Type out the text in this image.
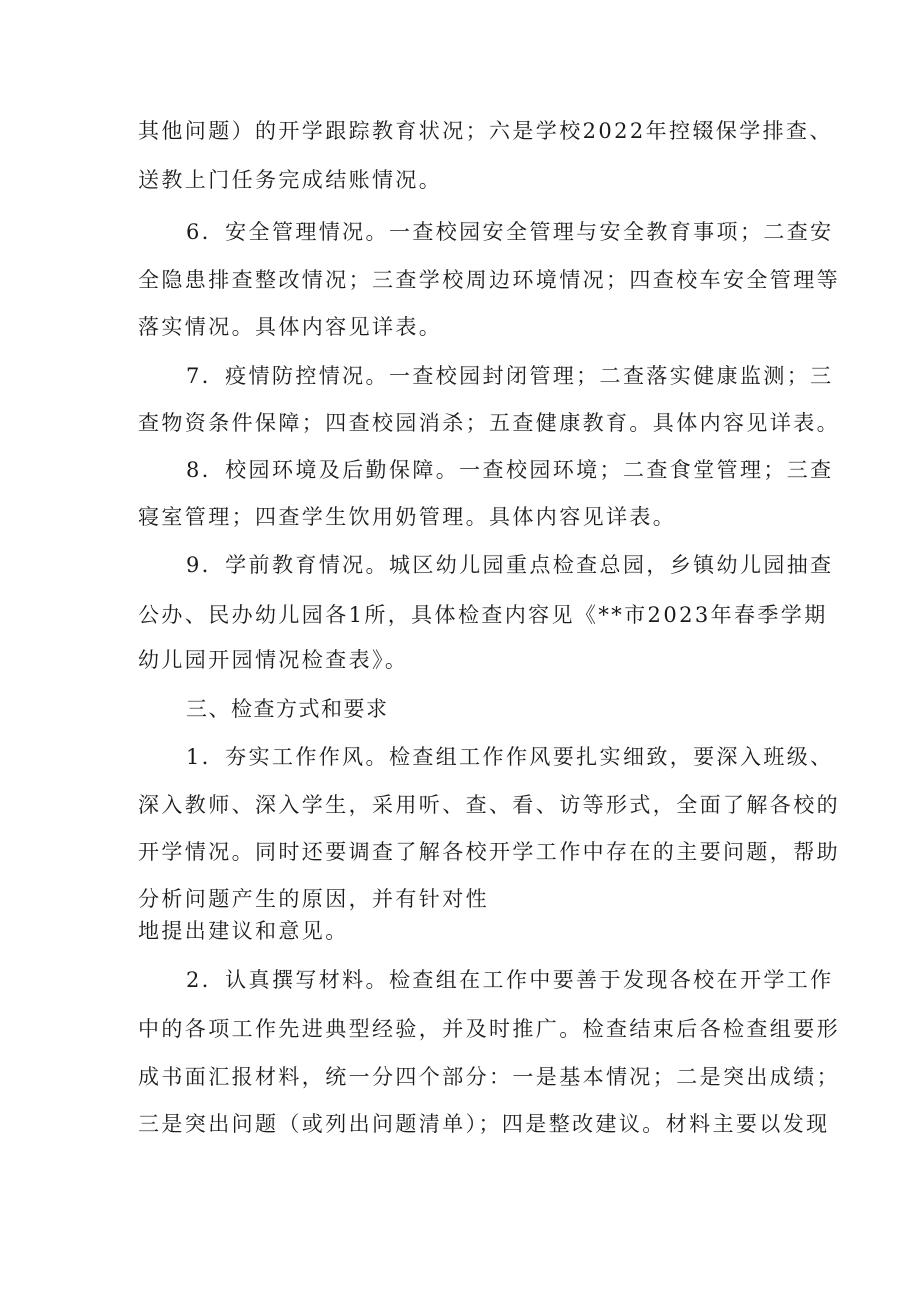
其他问题）的开学跟踪教育状况；六是学校2022年控辍保学排查、
送教上门任务完成结账情况。
6．安全管理情况。一查校园安全管理与安全教育事项；二查安
全隐患排查整改情况；三查学校周边环境情况；四查校车安全管理等
落实情况。具体内容见详表。
7．疫情防控情况。一查校园封闭管理；二查落实健康监测；三
查物资条件保障；四查校园消杀；五查健康教育。具体内容见详表。
8．校园环境及后勤保障。一查校园环境；二查食堂管理；三查
寝室管理；四查学生饮用奶管理。具体内容见详表。
9．学前教育情况。城区幼儿园重点检查总园，乡镇幼儿园抽查
公办、民办幼儿园各1所，具体检查内容见《**市2023年春季学期
幼儿园开园情况检查表》。
三、检查方式和要求
1．夯实工作作风。检查组工作作风要扎实细致，要深入班级、
深入教师、深入学生，采用听、查、看、访等形式，全面了解各校的
开学情况。同时还要调查了解各校开学工作中存在的主要问题，帮助
分析问题产生的原因，并有针对性
地提出建议和意见。
2．认真撰写材料。检查组在工作中要善于发现各校在开学工作
中的各项工作先进典型经验，并及时推广。检查结束后各检查组要形
成书面汇报材料，统一分四个部分：一是基本情况；二是突出成绩；
三是突出问题（或列出问题清单）；四是整改建议。材料主要以发现
